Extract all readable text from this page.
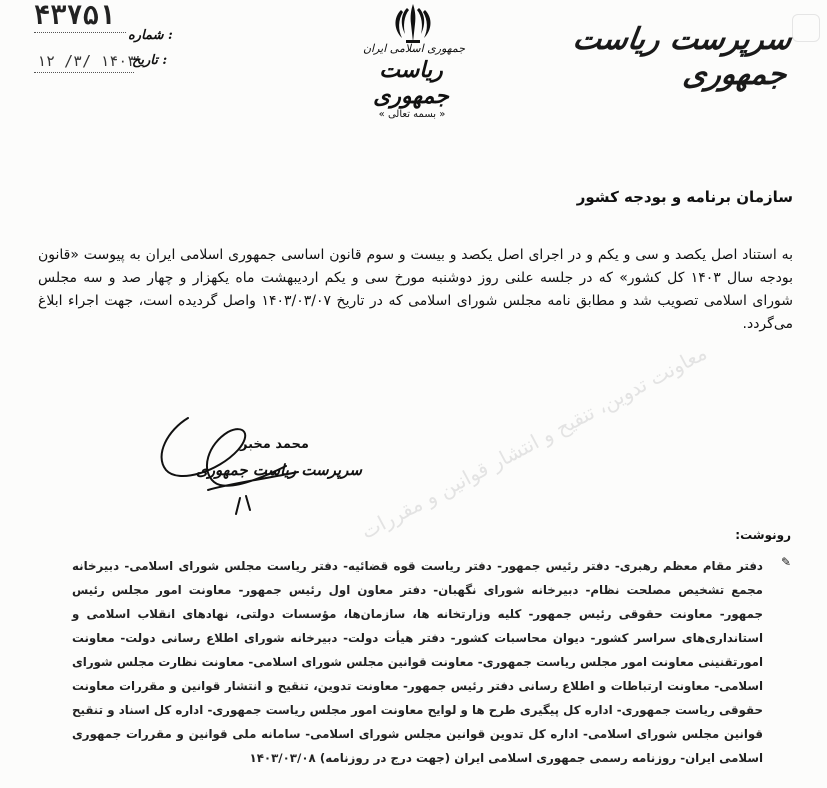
۴۳۷۵۱
شماره :
۱۲ /۳/ ۱۴۰۳
تاریخ :
جمهوری اسلامی ایران
ریاست جمهوری
« بسمه تعالی »
سرپرست ریاست جمهوری
معاونت تدوین، تنقیح و انتشار قوانین و مقررات
سازمان برنامه و بودجه کشور

به استناد اصل یکصد و سی و یکم و در اجرای اصل یکصد و بیست و سوم قانون اساسی جمهوری اسلامی ایران به پیوست «قانون بودجه سال ۱۴۰۳ کل کشور» که در جلسه علنی روز دوشنبه مورخ سی و یکم اردیبهشت ماه یکهزار و چهار صد و سه مجلس شورای اسلامی تصویب شد و مطابق نامه مجلس شورای اسلامی که در تاریخ ۱۴۰۳/۰۳/۰۷ واصل گردیده است، جهت اجراء ابلاغ می‌گردد.

محمد مخبر
سرپرست ریاست جمهوری
رونوشت:
✎
دفتر مقام معظم رهبری- دفتر رئیس جمهور- دفتر ریاست قوه قضائیه- دفتر ریاست مجلس شورای اسلامی- دبیرخانه مجمع تشخیص مصلحت نظام- دبیرخانه شورای نگهبان- دفتر معاون اول رئیس جمهور- معاونت امور مجلس رئیس جمهور- معاونت حقوقی رئیس جمهور- کلیه وزارتخانه ها، سازمان‌ها، مؤسسات دولتی، نهادهای انقلاب اسلامی و استانداری‌های سراسر کشور- دیوان محاسبات کشور- دفتر هیأت دولت- دبیرخانه شورای اطلاع رسانی دولت- معاونت امورتقنینی معاونت امور مجلس ریاست جمهوری- معاونت قوانین مجلس شورای اسلامی- معاونت نظارت مجلس شورای اسلامی- معاونت ارتباطات و اطلاع رسانی دفتر رئیس جمهور- معاونت تدوین، تنقیح و انتشار قوانین و مقررات معاونت حقوقی ریاست جمهوری- اداره کل پیگیری طرح ها و لوایح معاونت امور مجلس ریاست جمهوری- اداره کل اسناد و تنقیح قوانین مجلس شورای اسلامی- اداره کل تدوین قوانین مجلس شورای اسلامی- سامانه ملی قوانین و مقررات جمهوری اسلامی ایران- روزنامه رسمی جمهوری اسلامی ایران (جهت درج در روزنامه) ۱۴۰۳/۰۳/۰۸
